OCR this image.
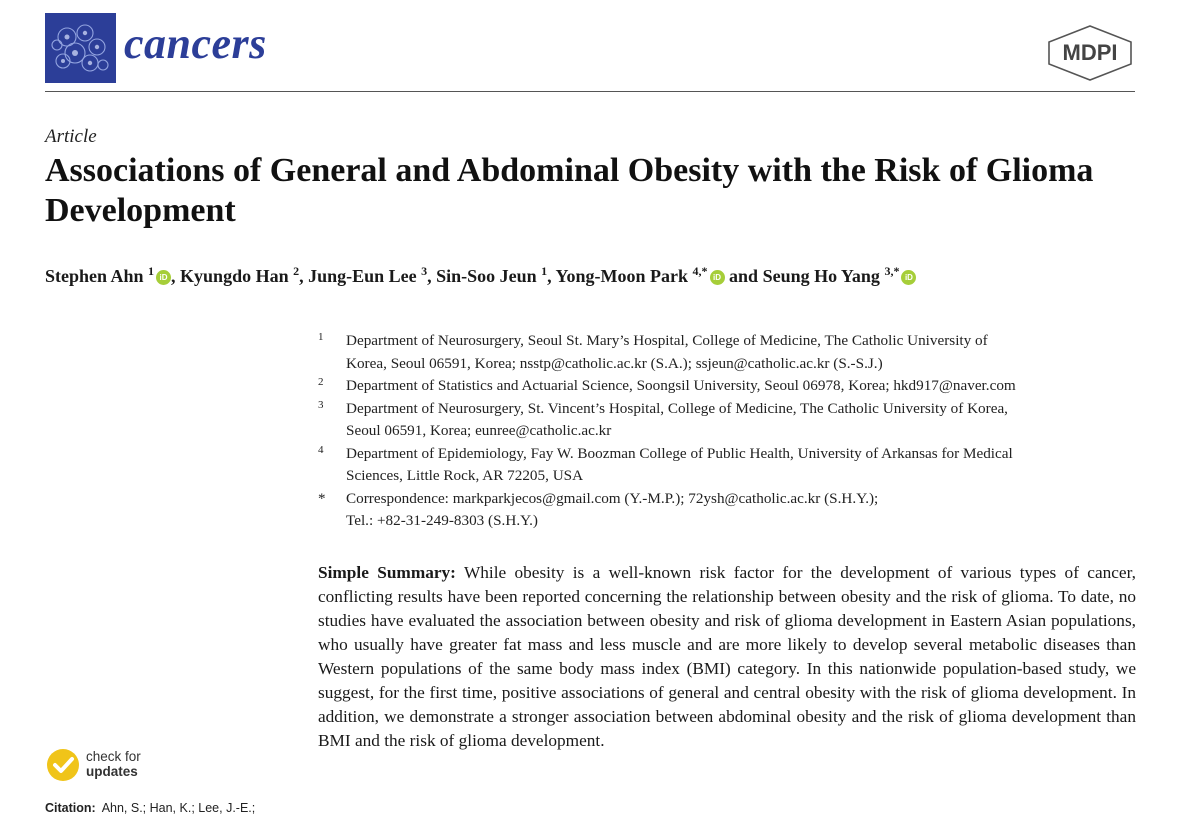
cancers	MDPI
Article
Associations of General and Abdominal Obesity with the Risk of Glioma Development
Stephen Ahn $^1$ iD , Kyungdo Han $^2$, Jung-Eun Lee $^3$, Sin-Soo Jeun $^1$, Yong-Moon Park $^{4,*}$ iD and Seung Ho Yang $^{3,*}$ iD
1 Department of Neurosurgery, Seoul St. Mary’s Hospital, College of Medicine, The Catholic University of
Korea, Seoul 06591, Korea; nsstp@catholic.ac.kr (S.A.); ssjeun@catholic.ac.kr (S.-S.J.)
2 Department of Statistics and Actuarial Science, Soongsil University, Seoul 06978, Korea; hkd917@naver.com
3 Department of Neurosurgery, St. Vincent’s Hospital, College of Medicine, The Catholic University of Korea,
Seoul 06591, Korea; eunree@catholic.ac.kr
4 Department of Epidemiology, Fay W. Boozman College of Public Health, University of Arkansas for Medical
Sciences, Little Rock, AR 72205, USA
* Correspondence: markparkjecos@gmail.com (Y.-M.P.); 72ysh@catholic.ac.kr (S.H.Y.);
Tel.: +82-31-249-8303 (S.H.Y.)

Simple Summary: While obesity is a well-known risk factor for the development of various types of cancer, conflicting results have been reported concerning the relationship between obesity and the risk of glioma. To date, no studies have evaluated the association between obesity and risk of glioma development in Eastern Asian populations, who usually have greater fat mass and less muscle and are more likely to develop several metabolic diseases than Western populations of the same body mass index (BMI) category. In this nationwide population-based study, we suggest, for the first time, positive associations of general and central obesity with the risk of glioma development. In addition, we demonstrate a stronger association between abdominal obesity and the risk of glioma development than BMI and the risk of glioma development.

check for
updates
Citation: Ahn, S.; Han, K.; Lee, J.-E.;
